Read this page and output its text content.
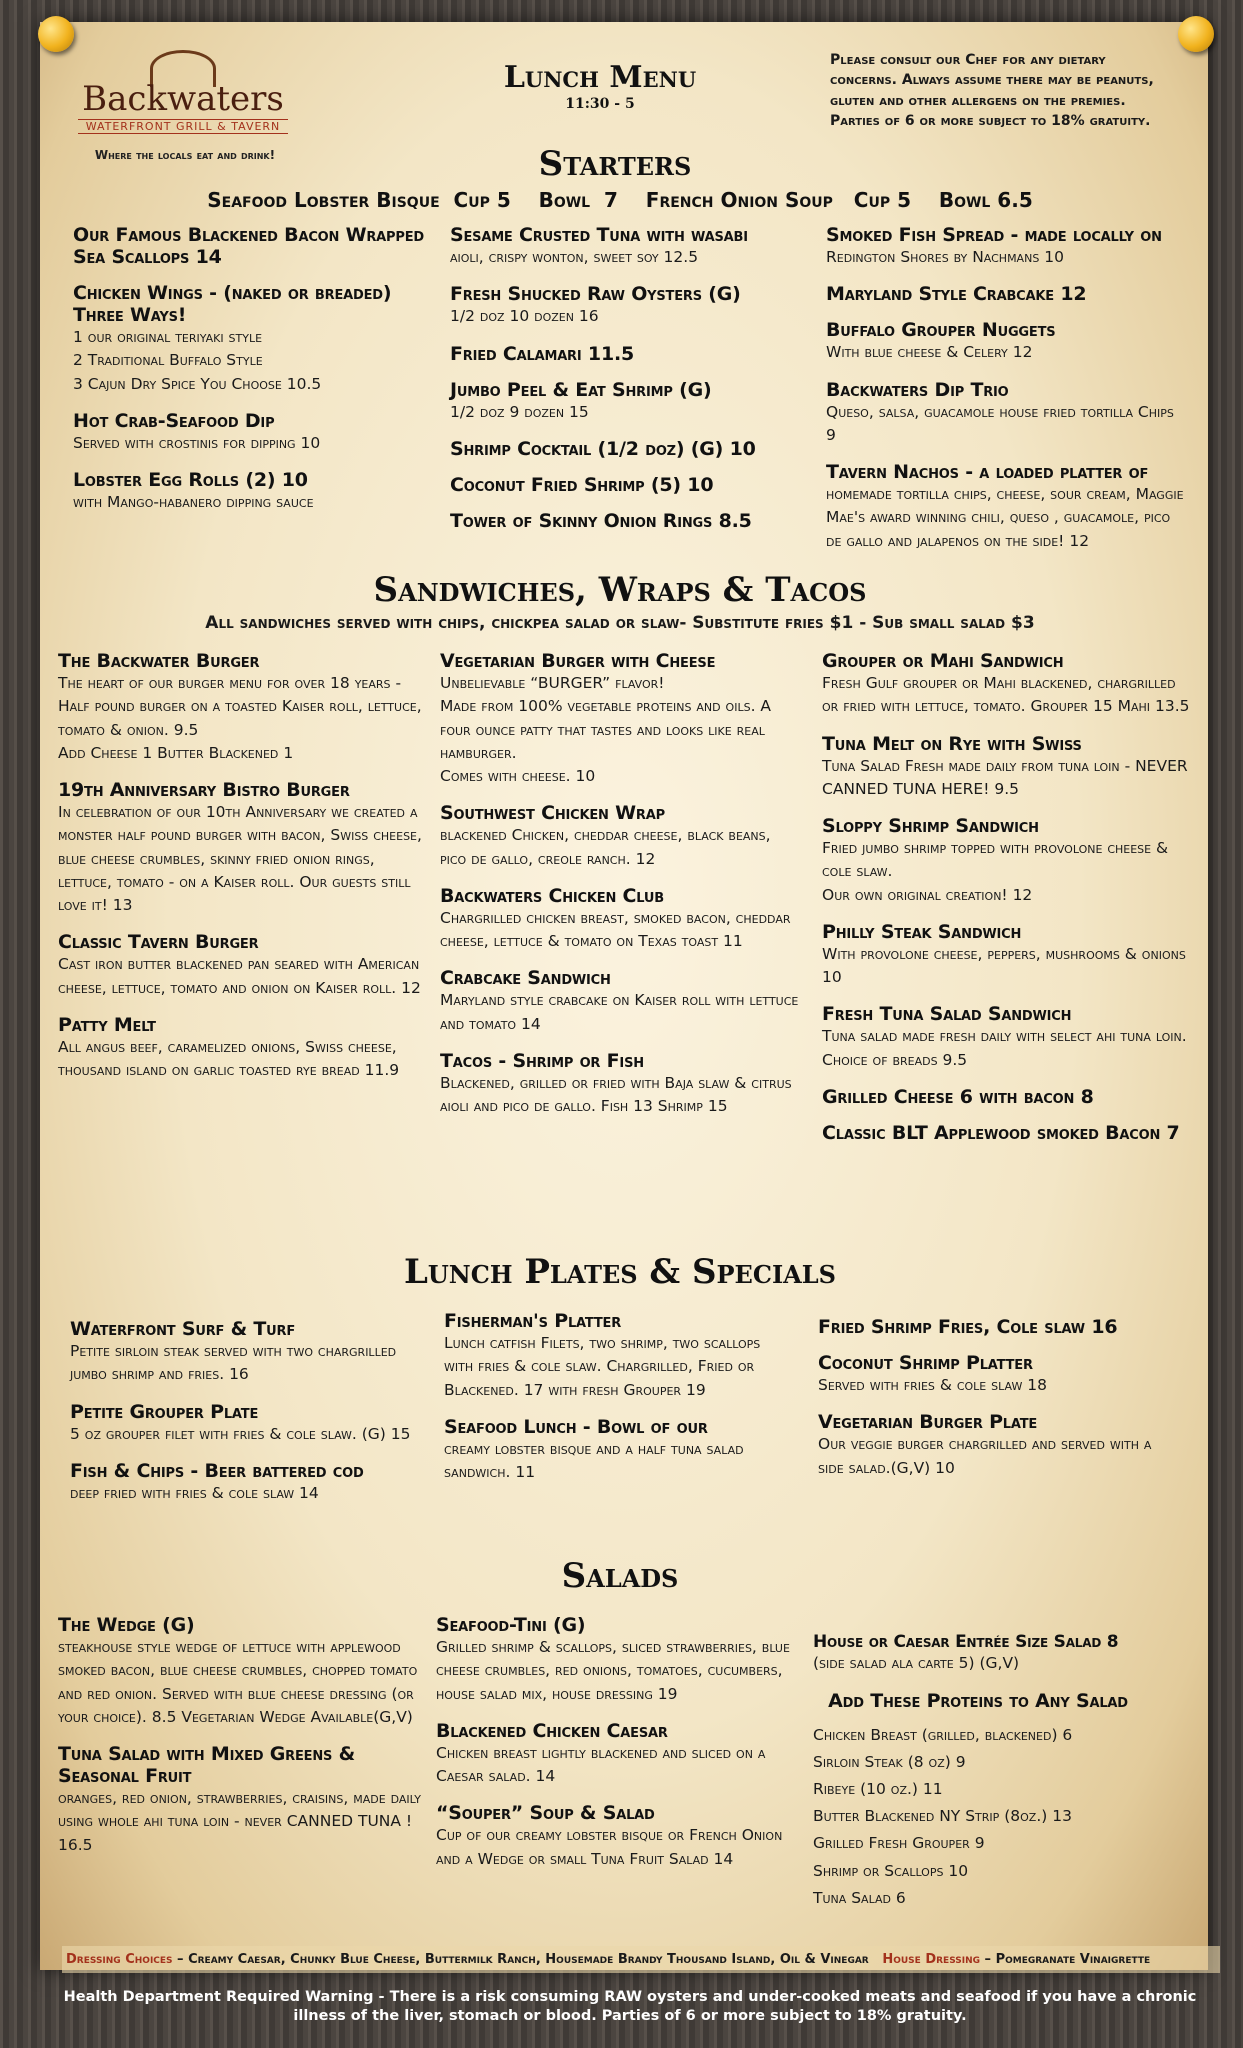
Backwaters
WATERFRONT GRILL & TAVERN
Where the locals eat and drink!
Lunch Menu
11:30 - 5
Please consult our Chef for any dietary concerns. Always assume there may be peanuts, gluten and other allergens on the premies. Parties of 6 or more subject to 18% gratuity.
Starters
Seafood Lobster Bisque  Cup 5    Bowl  7    French Onion Soup   Cup 5    Bowl 6.5
Our Famous Blackened Bacon Wrapped Sea Scallops 14
Chicken Wings - (naked or breaded) Three Ways!
1 our original teriyaki style
2 Traditional Buffalo Style
3 Cajun Dry Spice You Choose 10.5
Hot Crab-Seafood Dip
Served with crostinis for dipping 10
Lobster Egg Rolls (2) 10
with Mango-habanero dipping sauce
Sesame Crusted Tuna with wasabi
aioli, crispy wonton, sweet soy 12.5
Fresh Shucked Raw Oysters (G)
1/2 doz 10 dozen 16
Fried Calamari 11.5
Jumbo Peel & Eat Shrimp (G)
1/2 doz 9 dozen 15
Shrimp Cocktail (1/2 doz) (G) 10
Coconut Fried Shrimp (5) 10
Tower of Skinny Onion Rings 8.5
Smoked Fish Spread - made locally on
Redington Shores by Nachmans 10
Maryland Style Crabcake 12
Buffalo Grouper Nuggets
With blue cheese & Celery 12
Backwaters Dip Trio
Queso, salsa, guacamole house fried tortilla Chips 9
Tavern Nachos - a loaded platter of
homemade tortilla chips, cheese, sour cream, Maggie Mae's award winning chili, queso , guacamole, pico de gallo and jalapenos on the side! 12
Sandwiches, Wraps & Tacos
All sandwiches served with chips, chickpea salad or slaw- Substitute fries $1 - Sub small salad $3
The Backwater Burger
The heart of our burger menu for over 18 years - Half pound burger on a toasted Kaiser roll, lettuce, tomato & onion. 9.5
Add Cheese 1 Butter Blackened 1
19th Anniversary Bistro Burger
In celebration of our 10th Anniversary we created a monster half pound burger with bacon, Swiss cheese, blue cheese crumbles, skinny fried onion rings, lettuce, tomato - on a Kaiser roll. Our guests still love it! 13
Classic Tavern Burger
Cast iron butter blackened pan seared with American cheese, lettuce, tomato and onion on Kaiser roll. 12
Patty Melt
All angus beef, caramelized onions, Swiss cheese, thousand island on garlic toasted rye bread 11.9
Vegetarian Burger with Cheese
Unbelievable “BURGER” flavor!
Made from 100% vegetable proteins and oils. A four ounce patty that tastes and looks like real hamburger.
Comes with cheese. 10
Southwest Chicken Wrap
blackened Chicken, cheddar cheese, black beans, pico de gallo, creole ranch. 12
Backwaters Chicken Club
Chargrilled chicken breast, smoked bacon, cheddar cheese, lettuce & tomato on Texas toast 11
Crabcake Sandwich
Maryland style crabcake on Kaiser roll with lettuce and tomato 14
Tacos - Shrimp or Fish
Blackened, grilled or fried with Baja slaw & citrus aioli and pico de gallo. Fish 13 Shrimp 15
Grouper or Mahi Sandwich
Fresh Gulf grouper or Mahi blackened, chargrilled or fried with lettuce, tomato. Grouper 15 Mahi 13.5
Tuna Melt on Rye with Swiss
Tuna Salad Fresh made daily from tuna loin - NEVER CANNED TUNA HERE! 9.5
Sloppy Shrimp Sandwich
Fried jumbo shrimp topped with provolone cheese & cole slaw.
Our own original creation! 12
Philly Steak Sandwich
With provolone cheese, peppers, mushrooms & onions 10
Fresh Tuna Salad Sandwich
Tuna salad made fresh daily with select ahi tuna loin. Choice of breads 9.5
Grilled Cheese 6 with bacon 8
Classic BLT Applewood smoked Bacon 7
Lunch Plates & Specials
Waterfront Surf & Turf
Petite sirloin steak served with two chargrilled jumbo shrimp and fries. 16
Petite Grouper Plate
5 oz grouper filet with fries & cole slaw. (G) 15
Fish & Chips - Beer battered cod
deep fried with fries & cole slaw 14
Fisherman's Platter
Lunch catfish Filets, two shrimp, two scallops with fries & cole slaw. Chargrilled, Fried or Blackened. 17 with fresh Grouper 19
Seafood Lunch - Bowl of our
creamy lobster bisque and a half tuna salad sandwich. 11
Fried Shrimp Fries, Cole slaw 16
Coconut Shrimp Platter
Served with fries & cole slaw 18
Vegetarian Burger Plate
Our veggie burger chargrilled and served with a side salad.(G,V) 10
Salads
The Wedge (G)
steakhouse style wedge of lettuce with applewood smoked bacon, blue cheese crumbles, chopped tomato and red onion. Served with blue cheese dressing (or your choice). 8.5 Vegetarian Wedge Available(G,V)
Tuna Salad with Mixed Greens & Seasonal Fruit
oranges, red onion, strawberries, craisins, made daily using whole ahi tuna loin - never CANNED TUNA ! 16.5
Seafood-Tini (G)
Grilled shrimp & scallops, sliced strawberries, blue cheese crumbles, red onions, tomatoes, cucumbers, house salad mix, house dressing 19
Blackened Chicken Caesar
Chicken breast lightly blackened and sliced on a Caesar salad. 14
“Souper” Soup & Salad
Cup of our creamy lobster bisque or French Onion and a Wedge or small Tuna Fruit Salad 14
House or Caesar Entrée Size Salad 8
(side salad ala carte 5) (G,V)
Add These Proteins to Any Salad
Chicken Breast (grilled, blackened) 6
Sirloin Steak (8 oz) 9
Ribeye (10 oz.) 11
Butter Blackened NY Strip (8oz.) 13
Grilled Fresh Grouper 9
Shrimp or Scallops 10
Tuna Salad 6
Dressing Choices – Creamy Caesar, Chunky Blue Cheese, Buttermilk Ranch, Housemade Brandy Thousand Island, Oil & Vinegar House Dressing – Pomegranate Vinaigrette
Health Department Required Warning - There is a risk consuming RAW oysters and under-cooked meats and seafood if you have a chronic illness of the liver, stomach or blood. Parties of 6 or more subject to 18% gratuity.
